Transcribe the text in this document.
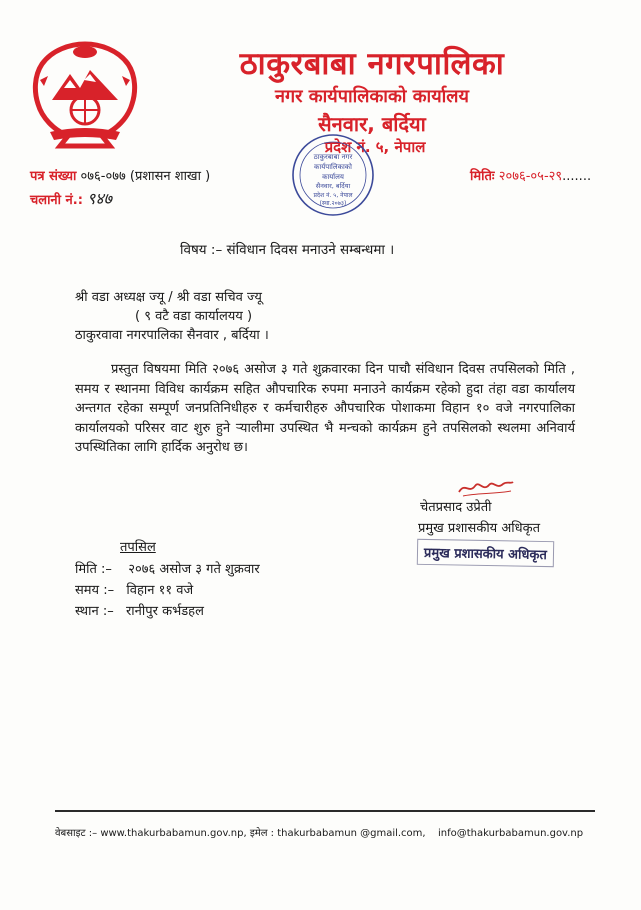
ठाकुरबाबा नगरपालिका
नगर कार्यपालिकाको कार्यालय
सैनवार, बर्दिया
प्रदेश नं. ५, नेपाल
ठाकुरबाबा नगर
कार्यपालिकाको
कार्यालय
सैनवार, बर्दिया
प्रदेश नं. ५, नेपाल
(स्था.२०७३)
पत्र संख्या ०७६-०७७ (प्रशासन शाखा )
चलानी नं.: ९४७
मितिः २०७६-०५-२९.......
विषय :– संविधान दिवस मनाउने सम्बन्धमा ।
श्री वडा अध्यक्ष ज्यू / श्री वडा सचिव ज्यू
( ९ वटै वडा कार्यालयय )
ठाकुरवावा नगरपालिका सैनवार , बर्दिया ।
प्रस्तुत विषयमा मिति २०७६ असोज ३ गते शुक्रवारका दिन पाचौ संविधान दिवस तपसिलको मिति , समय र स्थानमा विविध कार्यक्रम सहित औपचारिक रुपमा मनाउने कार्यक्रम रहेको हुदा तंहा वडा कार्यालय अन्तगत रहेका सम्पूर्ण जनप्रतिनिधीहरु र कर्मचारीहरु औपचारिक पोशाकमा विहान १० वजे नगरपालिका कार्यालयको परिसर वाट शुरु हुने र्‍यालीमा उपस्थित भै मन्चको कार्यक्रम हुने तपसिलको स्थलमा अनिवार्य उपस्थितिका लागि हार्दिक अनुरोध छ।
चेतप्रसाद उप्रेती
प्रमुख प्रशासकीय अधिकृत
प्रमुख प्रशासकीय अधिकृत
तपसिल
मिति :– २०७६ असोज ३ गते शुक्रवार
समय :– विहान ११ वजे
स्थान :– रानीपुर कर्भडहल
वेबसाइट :– www.thakurbabamun.gov.np, इमेल : thakurbabamun @gmail.com, info@thakurbabamun.gov.np
